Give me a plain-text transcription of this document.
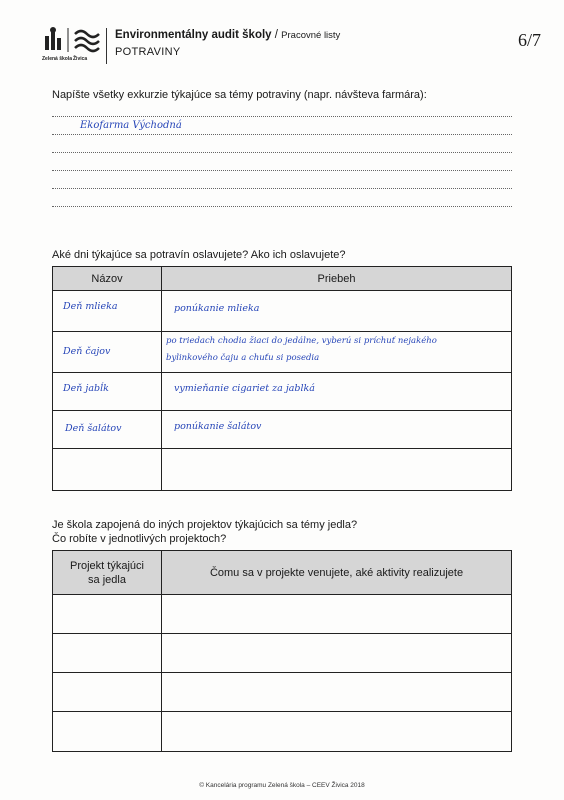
Zelená škola Živica
Environmentálny audit školy / Pracovné listy
POTRAVINY
6/7
Napíšte všetky exkurzie týkajúce sa témy potraviny (napr. návšteva farmára):
Ekofarma Východná
Aké dni týkajúce sa potravín oslavujete? Ako ich oslavujete?
Názov	Priebeh

Deň mlieka	ponúkanie mlieka

Deň čajov	po triedach chodia žiaci do jedálne, vyberú si príchuť nejakého
bylinkového čaju a chuťu si posedia

Deň jabĺk	vymieňanie cigariet za jablká

Deň šalátov	ponúkanie šalátov

Je škola zapojená do iných projektov týkajúcich sa témy jedla?
Čo robíte v jednotlivých projektoch?
Projekt týkajúci
sa jedla	Čomu sa v projekte venujete, aké aktivity realizujete

© Kancelária programu Zelená škola – CEEV Živica 2018
